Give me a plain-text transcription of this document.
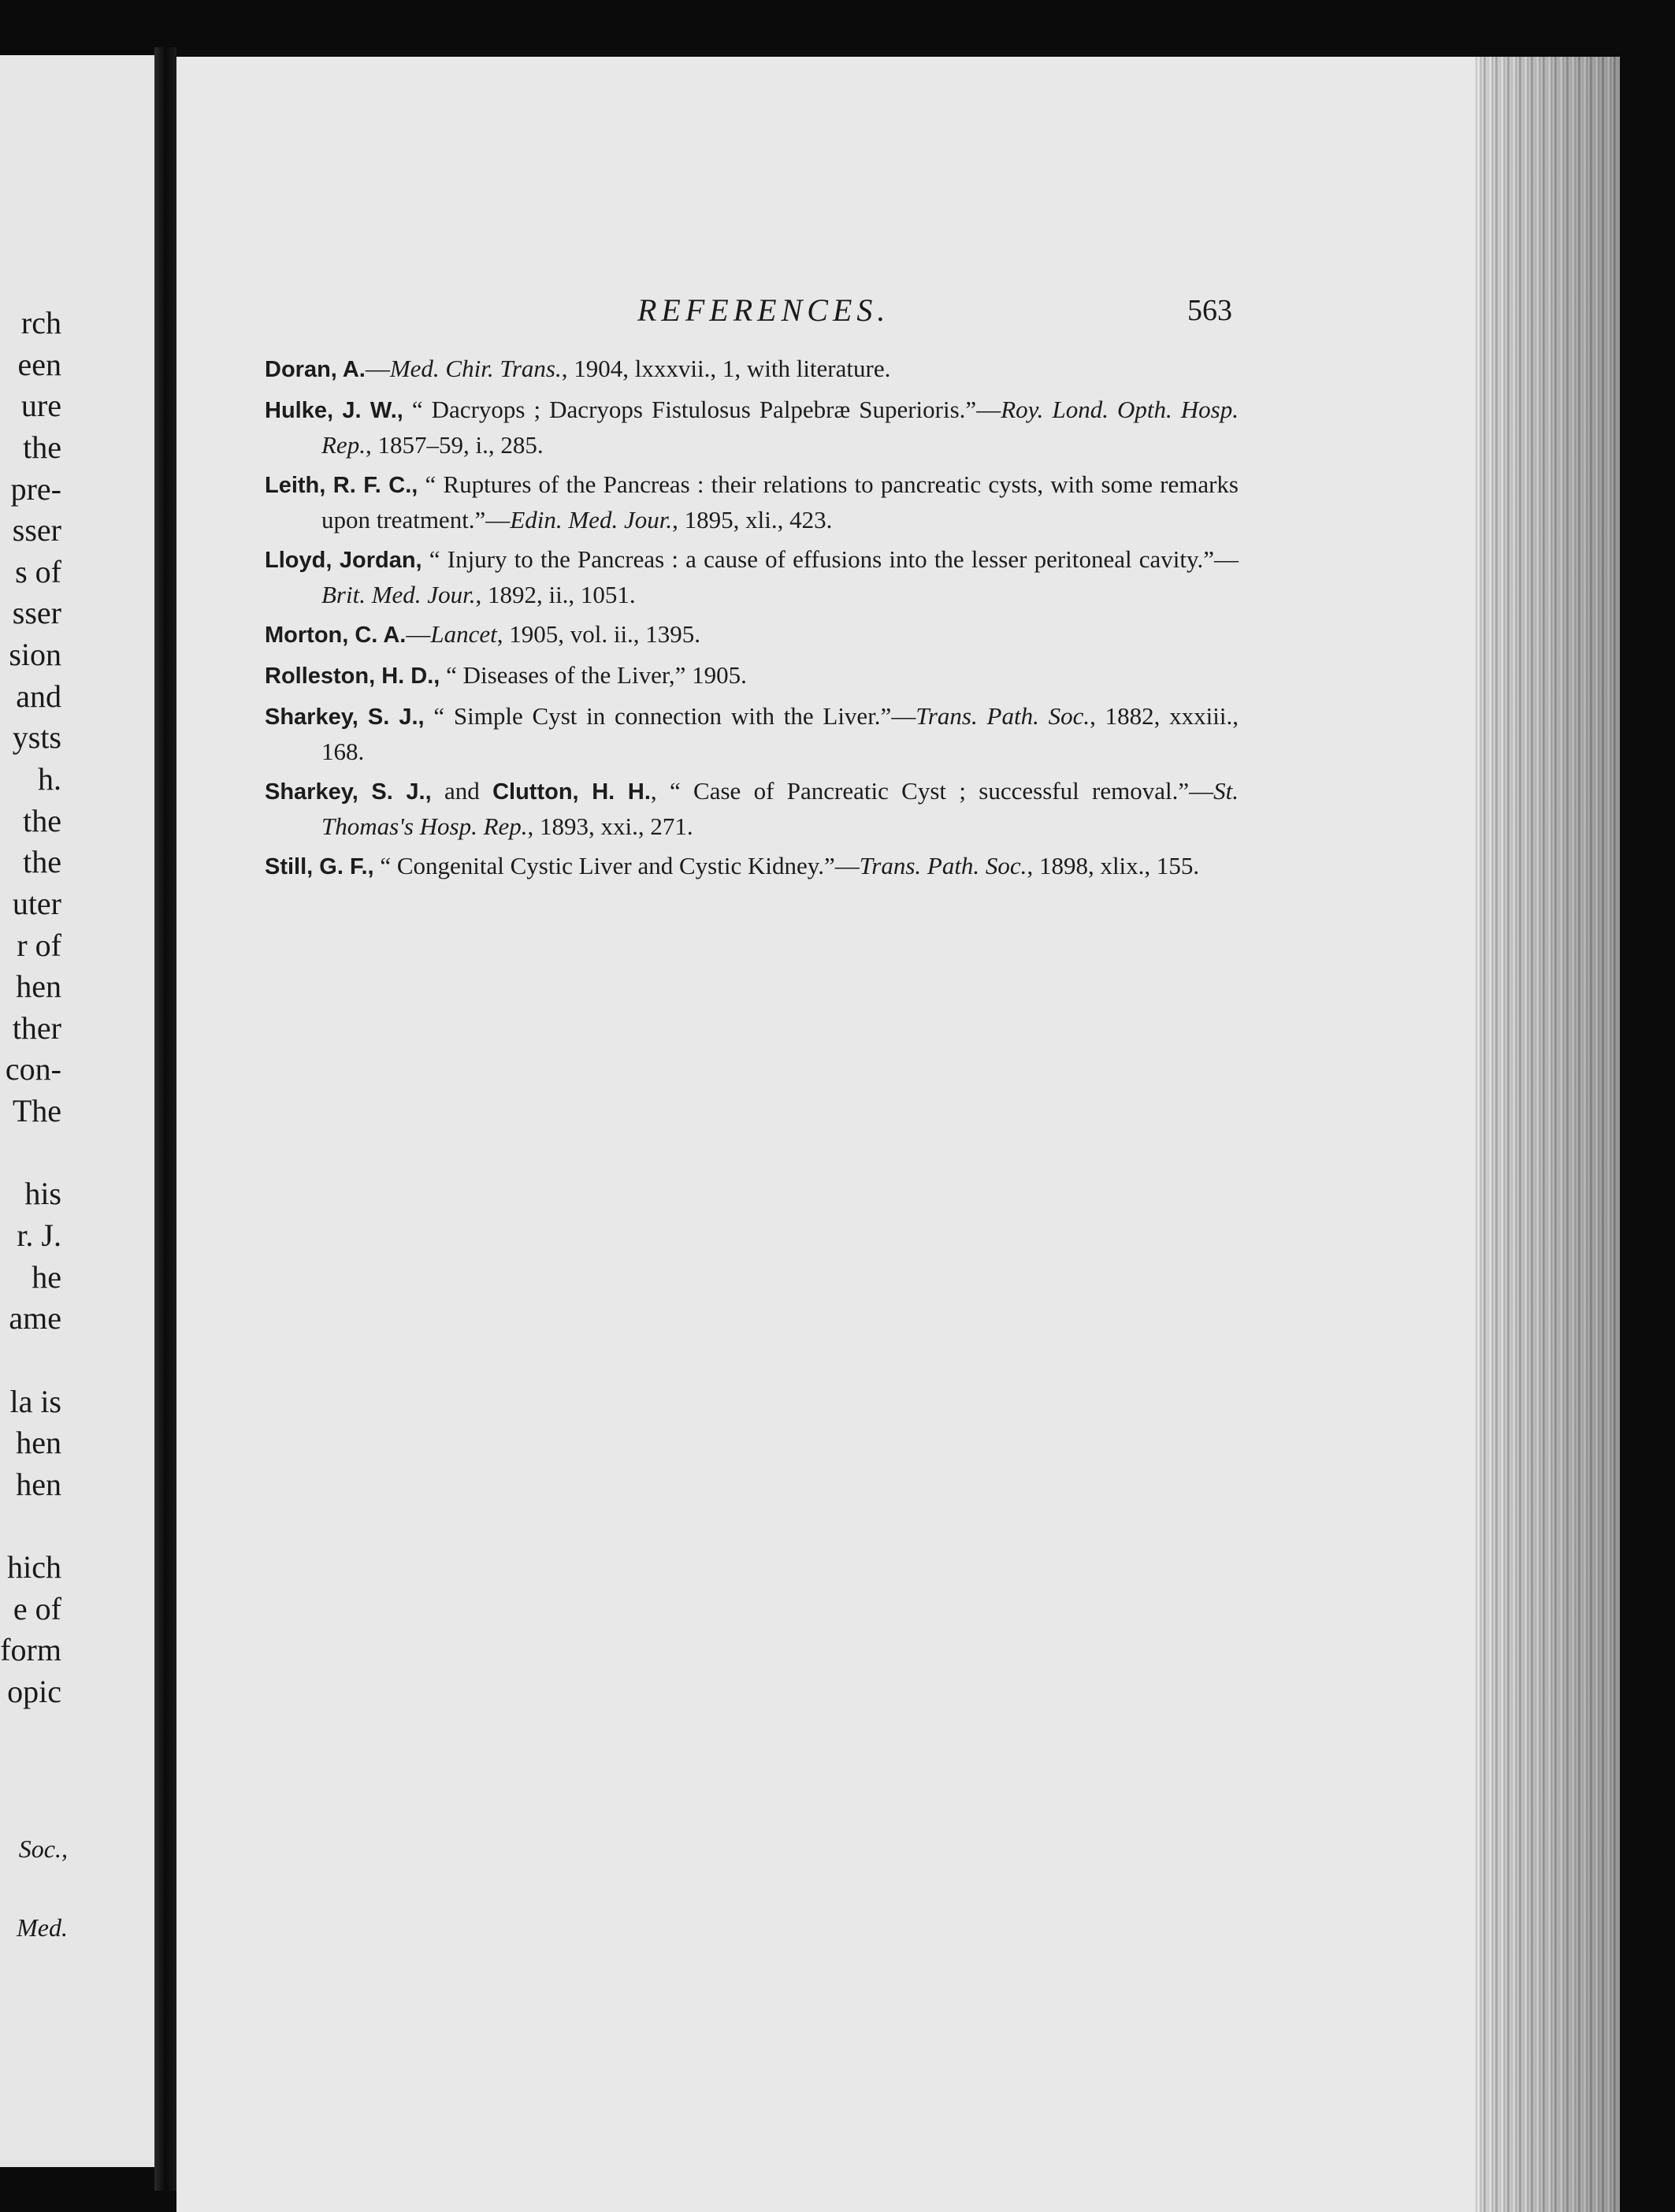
rch
een
ure
the
pre-
sser
s of
sser
sion
and
ysts
h.
the
the
uter
r of
hen
ther
con-
The
his
r. J.
he
ame
la is
hen
hen
hich
e of
form
opic
Soc.,
Med.
REFERENCES.	563

Doran, A.—Med. Chir. Trans., 1904, lxxxvii., 1, with literature.

Hulke, J. W., “ Dacryops ; Dacryops Fistulosus Palpebræ Superioris.”—Roy. Lond. Opth. Hosp. Rep., 1857–59, i., 285.

Leith, R. F. C., “ Ruptures of the Pancreas : their relations to pancreatic cysts, with some remarks upon treatment.”—Edin. Med. Jour., 1895, xli., 423.

Lloyd, Jordan, “ Injury to the Pancreas : a cause of effusions into the lesser peritoneal cavity.”—Brit. Med. Jour., 1892, ii., 1051.

Morton, C. A.—Lancet, 1905, vol. ii., 1395.

Rolleston, H. D., “ Diseases of the Liver,” 1905.

Sharkey, S. J., “ Simple Cyst in connection with the Liver.”—Trans. Path. Soc., 1882, xxxiii., 168.

Sharkey, S. J., and Clutton, H. H., “ Case of Pancreatic Cyst ; successful removal.”—St. Thomas's Hosp. Rep., 1893, xxi., 271.

Still, G. F., “ Congenital Cystic Liver and Cystic Kidney.”—Trans. Path. Soc., 1898, xlix., 155.
